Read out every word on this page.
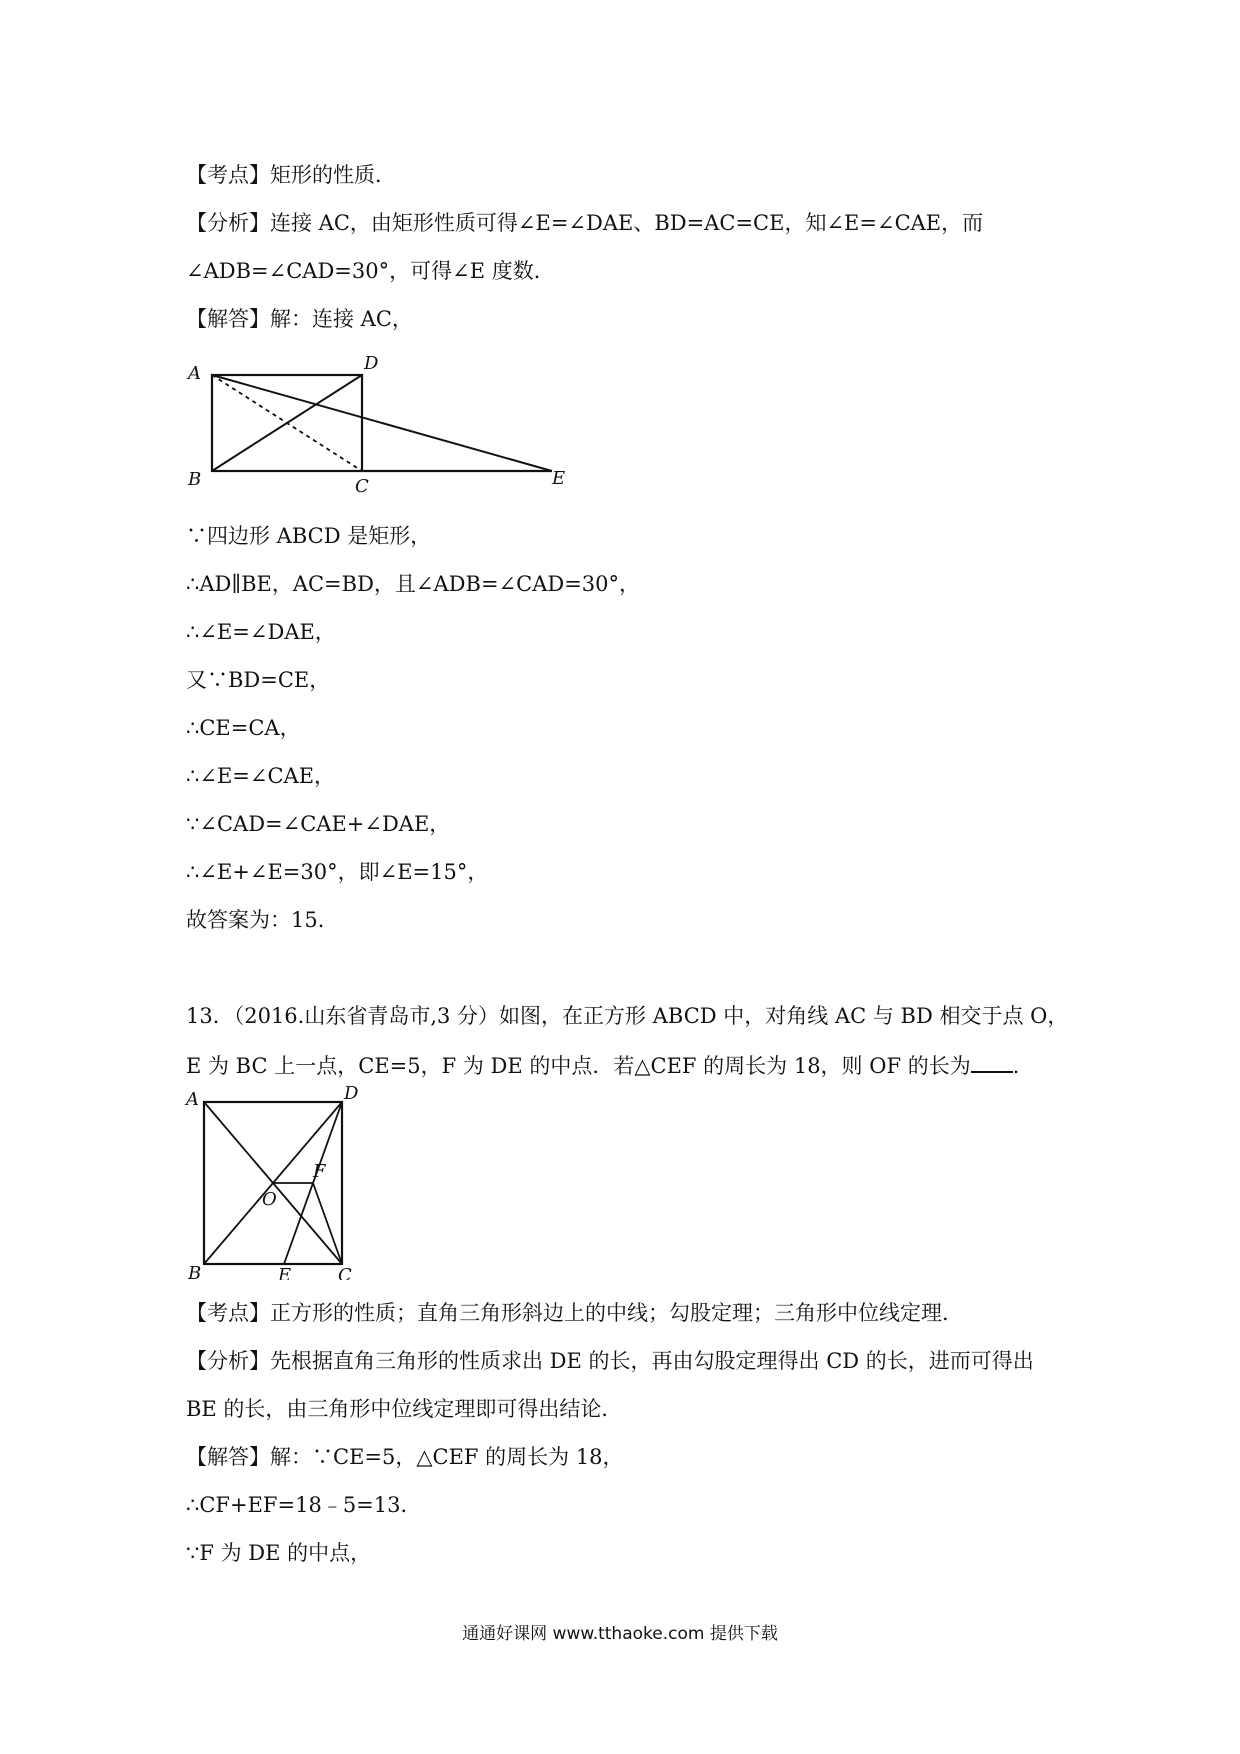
【考点】矩形的性质．
【分析】连接 AC，由矩形性质可得∠E=∠DAE、BD=AC=CE，知∠E=∠CAE，而
∠ADB=∠CAD=30°，可得∠E 度数．
【解答】解：连接 AC，
A	D
B	C	E
∵四边形 ABCD 是矩形，
∴AD∥BE，AC=BD，且∠ADB=∠CAD=30°，
∴∠E=∠DAE，
又∵BD=CE，
∴CE=CA，
∴∠E=∠CAE，
∵∠CAD=∠CAE+∠DAE，
∴∠E+∠E=30°，即∠E=15°，
故答案为：15．
13．（2016.山东省青岛市,3 分）如图，在正方形 ABCD 中，对角线 AC 与 BD 相交于点 O，
E 为 BC 上一点，CE=5，F 为 DE 的中点．若△CEF 的周长为 18，则 OF 的长为 ．
A	D
F
O
B	E	C
【考点】正方形的性质；直角三角形斜边上的中线；勾股定理；三角形中位线定理．
【分析】先根据直角三角形的性质求出 DE 的长，再由勾股定理得出 CD 的长，进而可得出
BE 的长，由三角形中位线定理即可得出结论．
【解答】解：∵CE=5，△CEF 的周长为 18，
∴CF+EF=18﹣5=13．
∵F 为 DE 的中点，
通通好课网 www.tthaoke.com 提供下载
